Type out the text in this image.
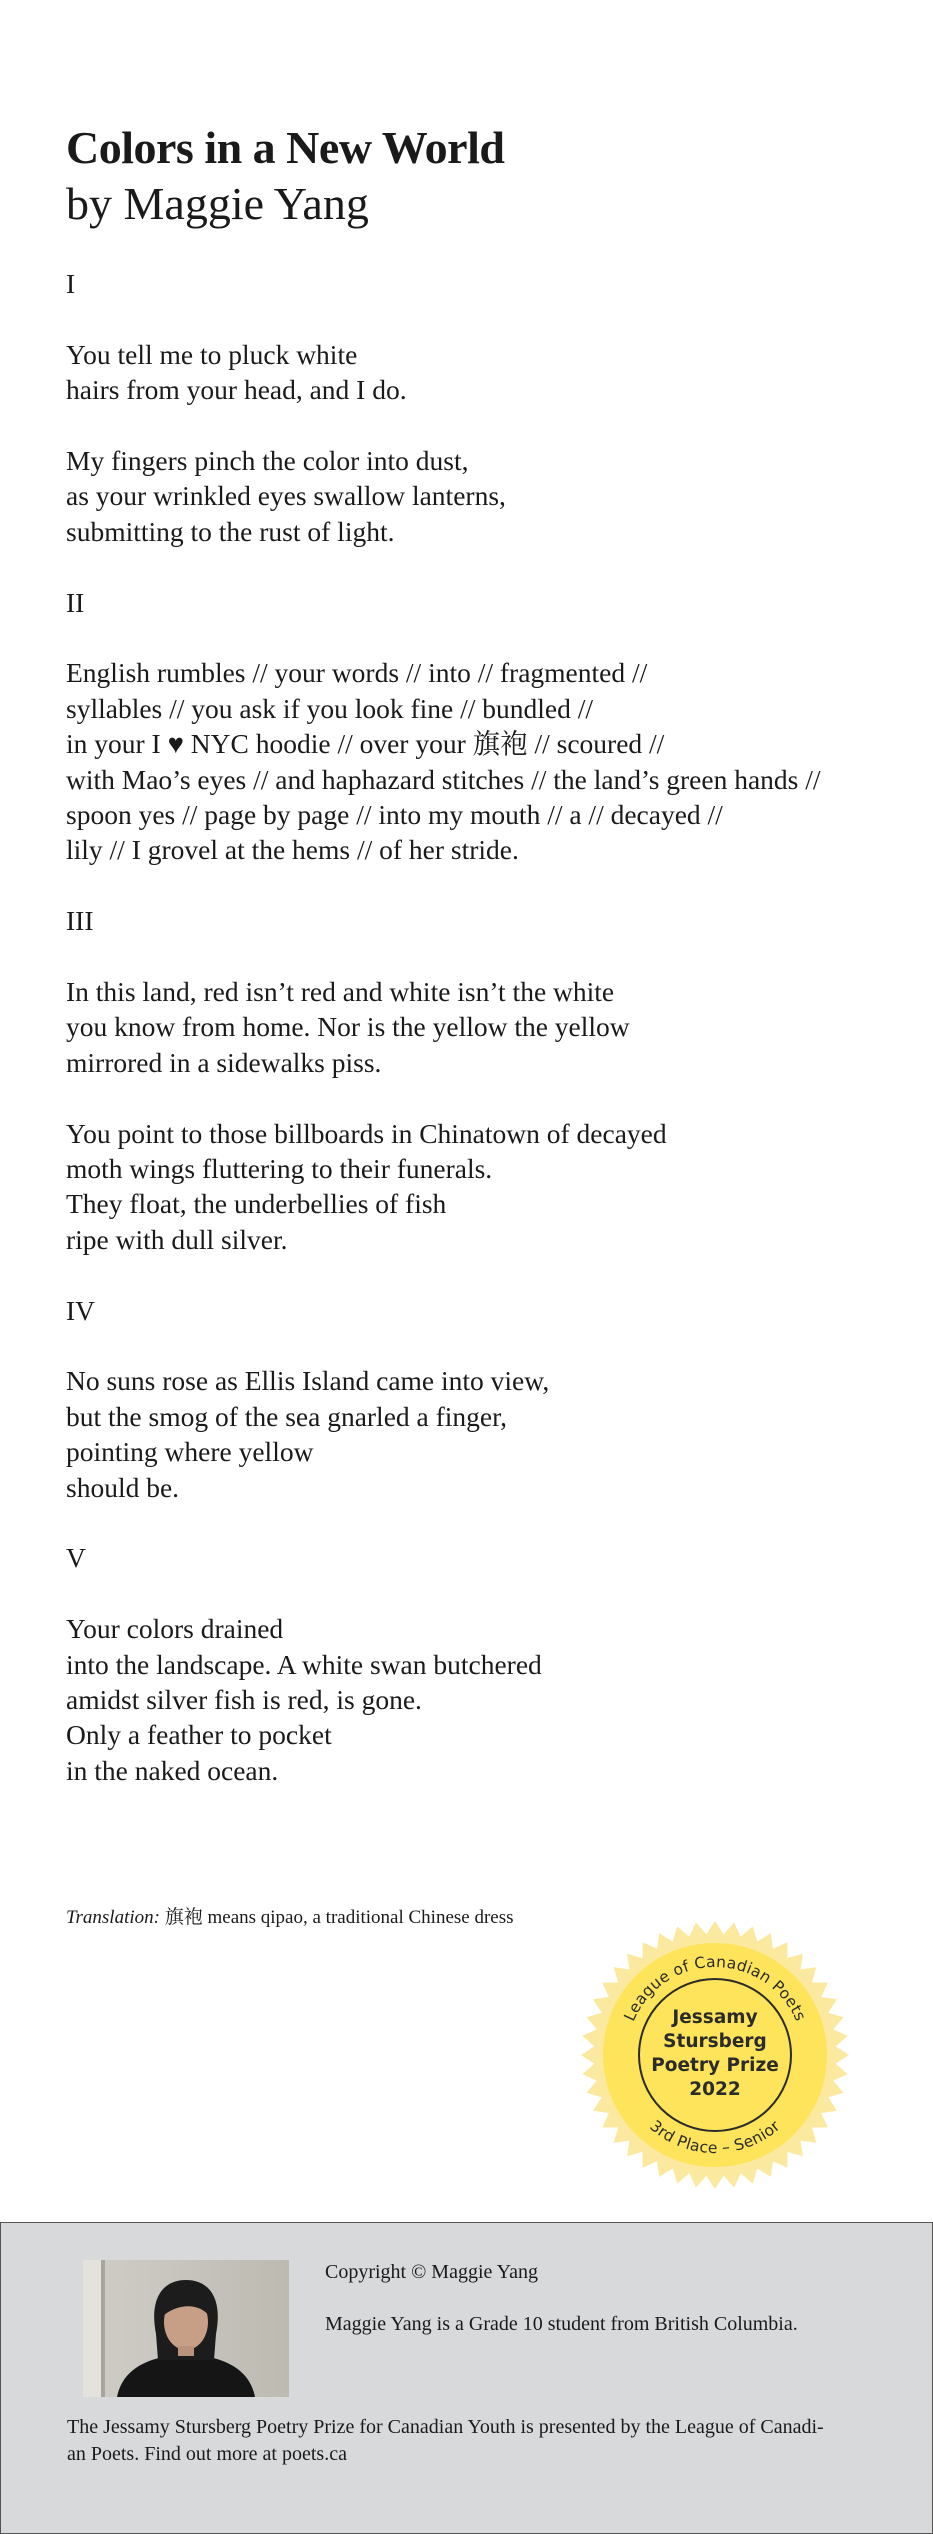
Colors in a New World
by Maggie Yang
I
You tell me to pluck white
hairs from your head, and I do.
My fingers pinch the color into dust,
as your wrinkled eyes swallow lanterns,
submitting to the rust of light.
II
English rumbles // your words // into // fragmented //
syllables // you ask if you look fine // bundled //
in your I ♥ NYC hoodie // over your 旗袍 // scoured //
with Mao’s eyes // and haphazard stitches // the land’s green hands //
spoon yes // page by page // into my mouth // a // decayed //
lily // I grovel at the hems // of her stride.
III
In this land, red isn’t red and white isn’t the white
you know from home. Nor is the yellow the yellow
mirrored in a sidewalks piss.
You point to those billboards in Chinatown of decayed
moth wings fluttering to their funerals.
They float, the underbellies of fish
ripe with dull silver.
IV
No suns rose as Ellis Island came into view,
but the smog of the sea gnarled a finger,
pointing where yellow
should be.
V
Your colors drained
into the landscape. A white swan butchered
amidst silver fish is red, is gone.
Only a feather to pocket
in the naked ocean.
Translation: 旗袍 means qipao, a traditional Chinese dress
League of Canadian Poets
3rd Place – Senior
Jessamy
Stursberg
Poetry Prize
2022
Copyright © Maggie Yang
Maggie Yang is a Grade 10 student from British Columbia.
The Jessamy Stursberg Poetry Prize for Canadian Youth is presented by the League of Canadi-
an Poets. Find out more at poets.ca
